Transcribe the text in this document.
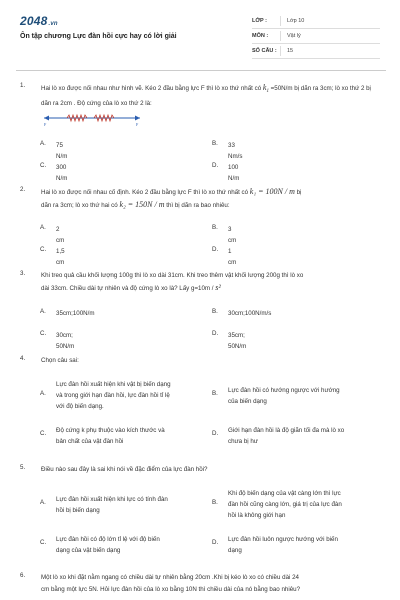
2048.vn
Ôn tập chương Lực đàn hồi cực hay có lời giải
LỚP :	Lớp 10
MÔN :	Vật lý
SỐ CÂU :	15
1.	Hai lò xo được nối nhau như hình vẽ. Kéo 2 đầu bằng lực F thì lò xo thứ nhất có $k_1 =50N/m$ bị dãn ra 3cm; lò xo thứ 2 bị dãn ra 2cm . Độ cứng của lò xo thứ 2 là:
F	F
A. 75 N/m
B. 33 Nm/s
C. 300 N/m
D. 100 N/m
2.	Hai lò xo được nối nhau cố định. Kéo 2 đầu bằng lực F thì lò xo thứ nhất có k₁ = 100N / m bị
dãn ra 3cm; lò xo thứ hai có k₂ = 150N / m thì bị dãn ra bao nhiêu:
A. 2 cm
B. 3 cm
C. 1,5 cm
D. 1 cm
3.	Khi treo quả cầu khối lượng 100g thì lò xo dài 31cm. Khi treo thêm vật khối lượng 200g thì lò xo
dài 33cm. Chiều dài tự nhiên và độ cứng lò xo là? Lấy g=10m / s²
A. 35cm;100N/m	B. 30cm;100N/m/s
C. 30cm; 50N/m
D. 35cm; 50N/m
4.	Chọn câu sai:
A.
Lực đàn hồi xuất hiện khi vật bị biến dạng
và trong giới hạn đàn hồi, lực đàn hồi tỉ lệ
với độ biến dạng.
B. Lực đàn hồi có hướng ngược với hướng
của biến dạng
C. Độ cứng k phụ thuộc vào kích thước và
bản chất của vật đàn hồi
D. Giới hạn đàn hồi là độ giãn tối đa mà lò xo
chưa bị hư
5.	Điều nào sau đây là sai khi nói về đặc điểm của lực đàn hồi?
A. Lực đàn hồi xuất hiện khi lực có tính đàn
hồi bị biến dạng
B.
Khi độ biến dạng của vật càng lớn thì lực
đàn hồi cũng càng lớn, giá trị của lực đàn
hồi là không giới hạn
C. Lực đàn hồi có độ lớn tỉ lệ với độ biến
dạng của vật biến dạng
D. Lực đàn hồi luôn ngược hướng với biến
dạng
6.	Một lò xo khi đặt nằm ngang có chiều dài tự nhiên bằng 20cm .Khi bị kéo lò xo có chiều dài 24
cm bằng một lực 5N. Hỏi lực đàn hồi của lò xo bằng 10N thì chiều dài của nó bằng bao nhiêu?
